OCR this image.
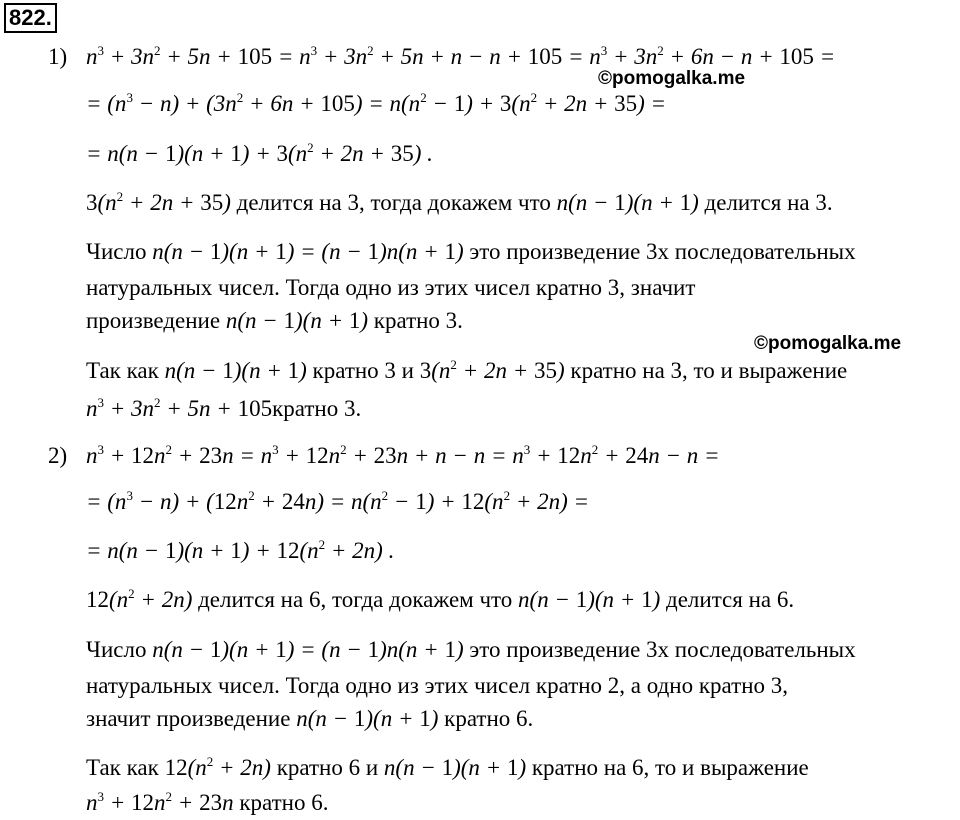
822.
©pomogalka.me
©pomogalka.me
1) $n^3 + 3n^2 + 5n + 105 = n^3 + 3n^2 + 5n + n - n + 105 = n^3 + 3n^2 + 6n - n + 105$ =
= $(n^3 - n) + (3n^2 + 6n + 105) = n(n^2 - 1) + 3(n^2 + 2n + 35)$ =
= $n(n - 1)(n + 1) + 3(n^2 + 2n + 35)$ .
$3(n^2 + 2n + 35)$ делится на 3, тогда докажем что n(n − 1)(n + 1) делится на 3.
Число n(n − 1)(n + 1) = (n − 1)n(n + 1) это произведение 3х последовательных
натуральных чисел. Тогда одно из этих чисел кратно 3, значит
произведение n(n − 1)(n + 1) кратно 3.
Так как n(n − 1)(n + 1) кратно 3 и $3(n^2 + 2n + 35)$ кратно на 3, то и выражение
$n^3 + 3n^2 + 5n$ + 105кратно 3.
2) $n^3 + 12n^2 + 23n = n^3 + 12n^2 + 23n + n - n = n^3 + 12n^2 + 24n - n$ =
= $(n^3 - n) + (12n^2 + 24n) = n(n^2 - 1) + 12(n^2 + 2n)$ =
= $n(n - 1)(n + 1) + 12(n^2 + 2n)$ .
$12(n^2 + 2n)$ делится на 6, тогда докажем что n(n − 1)(n + 1) делится на 6.
Число n(n − 1)(n + 1) = (n − 1)n(n + 1) это произведение 3х последовательных
натуральных чисел. Тогда одно из этих чисел кратно 2, а одно кратно 3,
значит произведение n(n − 1)(n + 1) кратно 6.
Так как $12(n^2 + 2n)$ кратно 6 и n(n − 1)(n + 1) кратно на 6, то и выражение
$n^3 + 12n^2 + 23n$ кратно 6.
